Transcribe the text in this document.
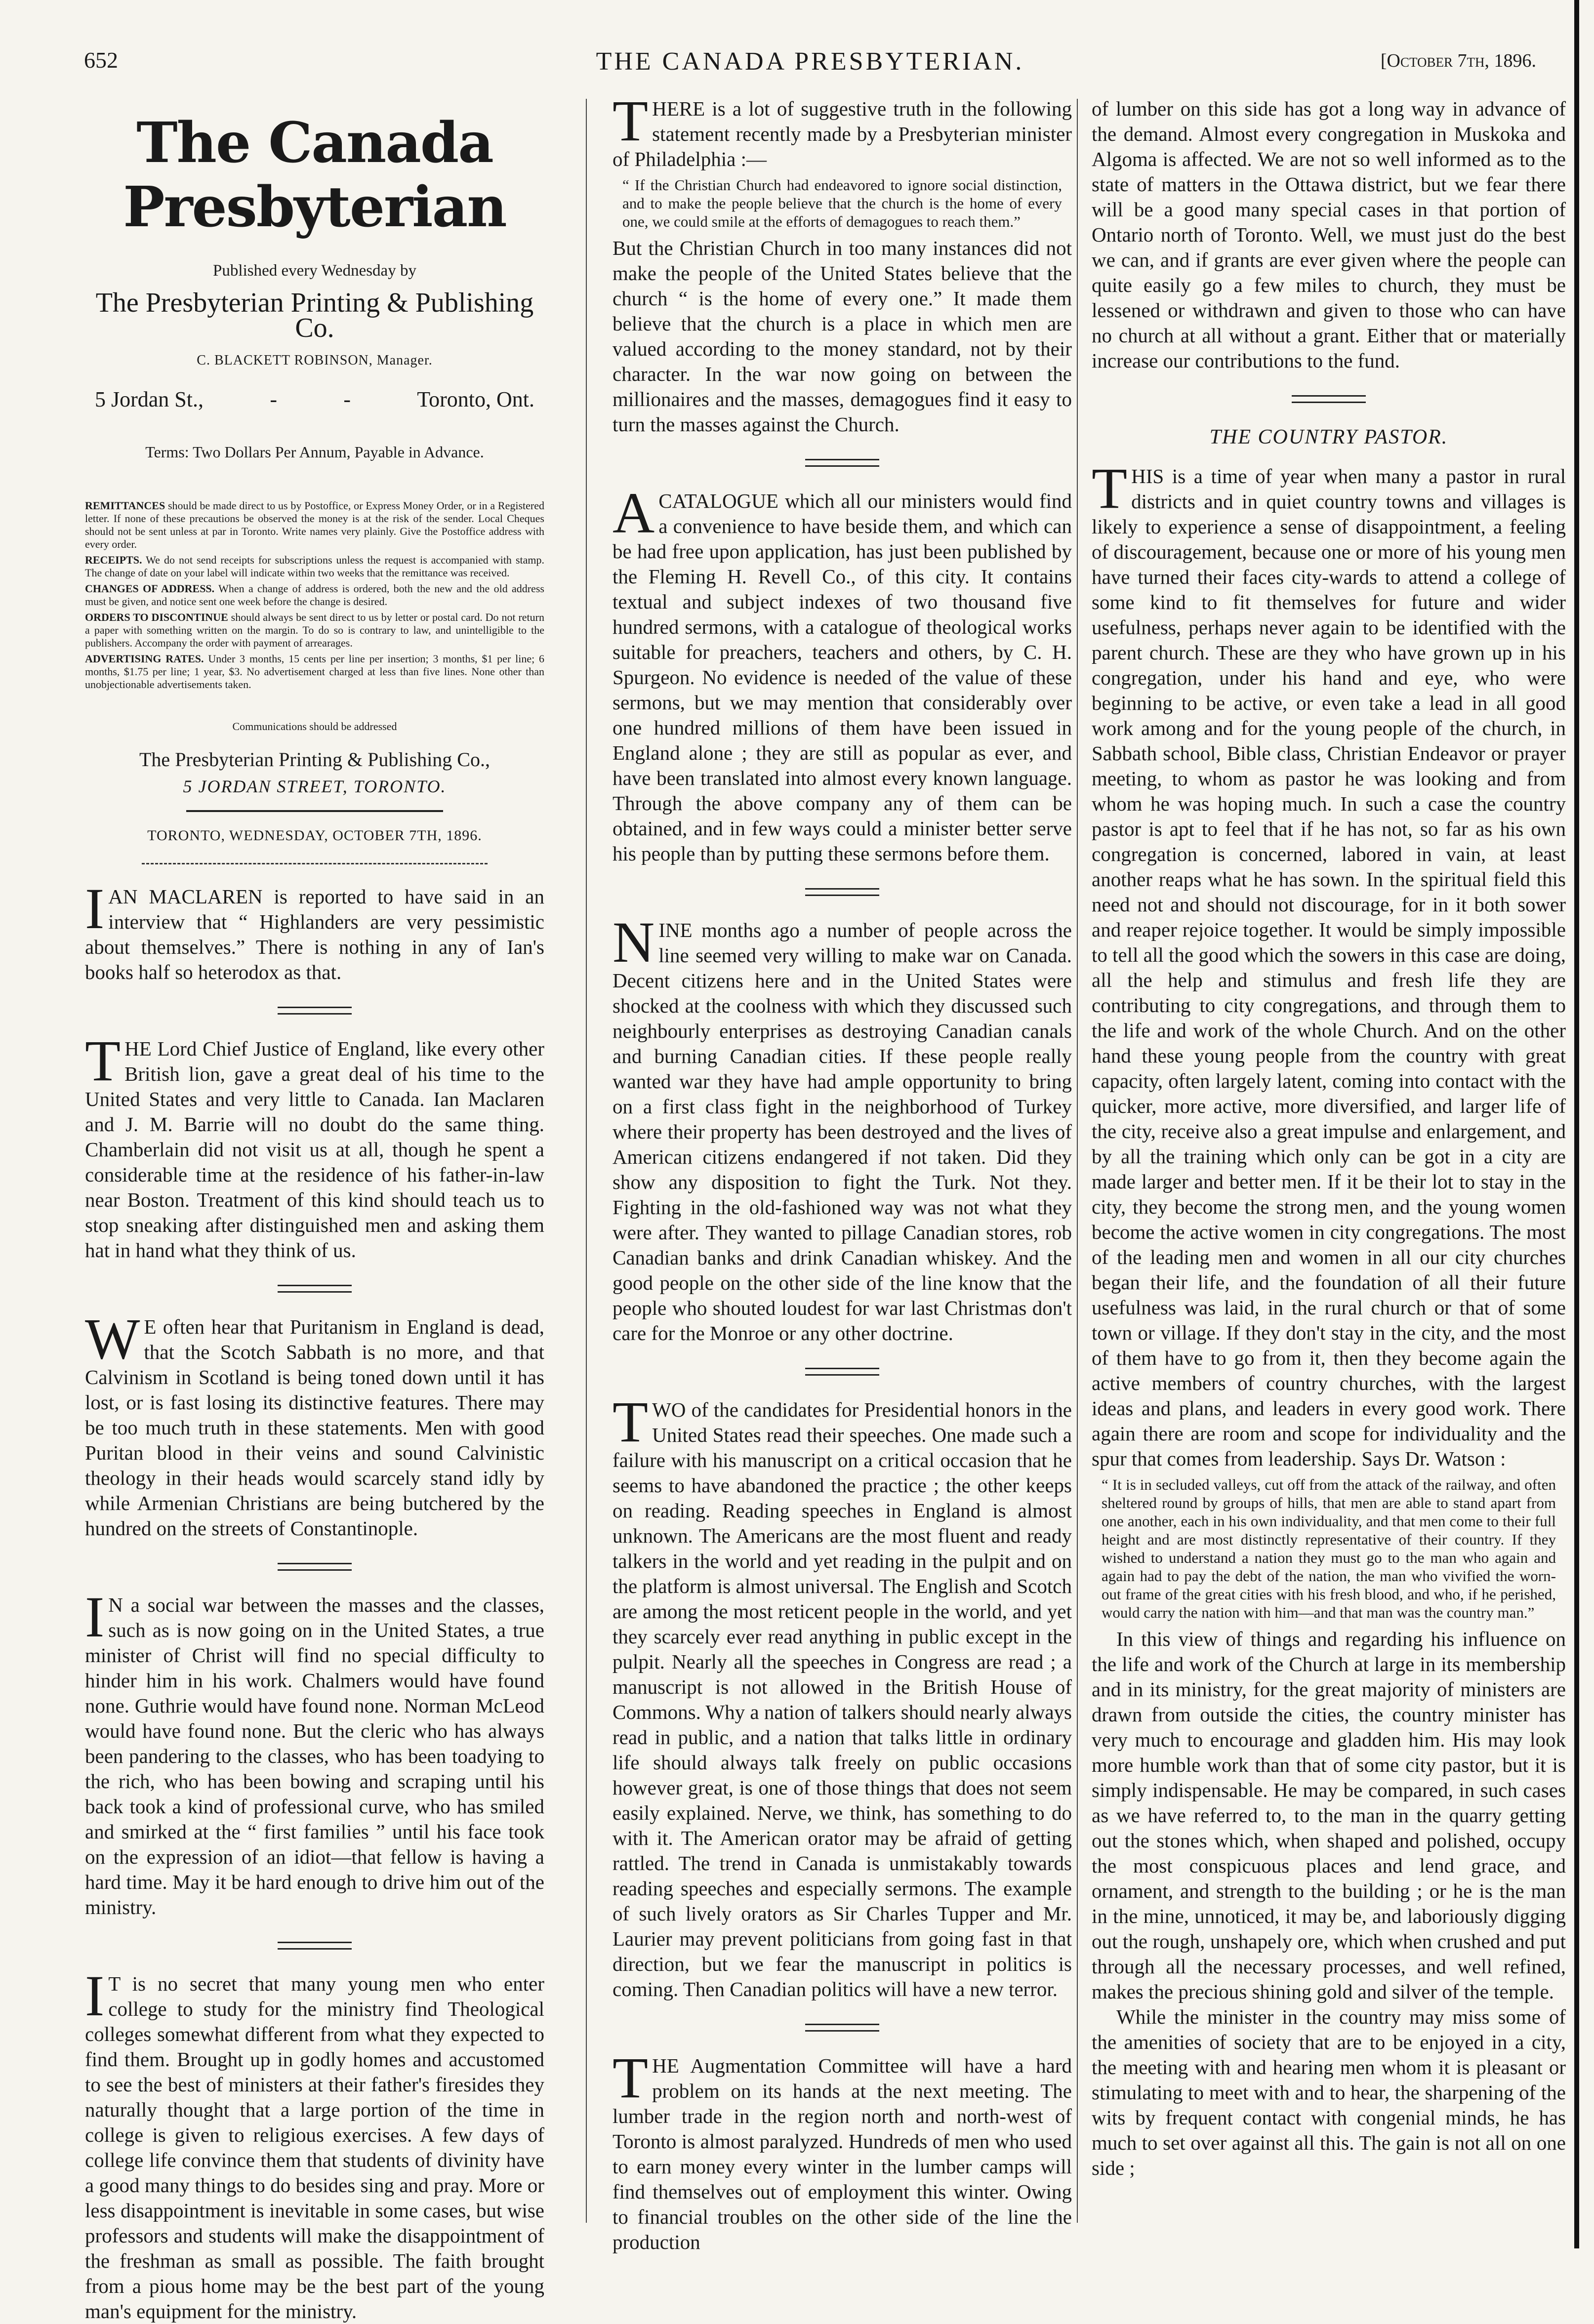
652	THE CANADA PRESBYTERIAN.	[October 7th, 1896.
The Canada Presbyterian
Published every Wednesday by
The Presbyterian Printing & Publishing Co.
C. BLACKETT ROBINSON, Manager.
5 Jordan St.,	-	-	Toronto, Ont.
Terms: Two Dollars Per Annum, Payable in Advance.
REMITTANCES should be made direct to us by Postoffice, or Express Money Order, or in a Registered letter. If none of these precautions be observed the money is at the risk of the sender. Local Cheques should not be sent unless at par in Toronto. Write names very plainly. Give the Postoffice address with every order.
RECEIPTS. We do not send receipts for subscriptions unless the request is accompanied with stamp. The change of date on your label will indicate within two weeks that the remittance was received.
CHANGES OF ADDRESS. When a change of address is ordered, both the new and the old address must be given, and notice sent one week before the change is desired.
ORDERS TO DISCONTINUE should always be sent direct to us by letter or postal card. Do not return a paper with something written on the margin. To do so is contrary to law, and unintelligible to the publishers. Accompany the order with payment of arrearages.
ADVERTISING RATES. Under 3 months, 15 cents per line per insertion; 3 months, $1 per line; 6 months, $1.75 per line; 1 year, $3. No advertisement charged at less than five lines. None other than unobjectionable advertisements taken.
Communications should be addressed
The Presbyterian Printing & Publishing Co.,
5 JORDAN STREET, TORONTO.
TORONTO, WEDNESDAY, OCTOBER 7TH, 1896.

IAN MACLAREN is reported to have said in an interview that “ Highlanders are very pessimistic about themselves.” There is nothing in any of Ian's books half so heterodox as that.

THE Lord Chief Justice of England, like every other British lion, gave a great deal of his time to the United States and very little to Canada. Ian Maclaren and J. M. Barrie will no doubt do the same thing. Chamberlain did not visit us at all, though he spent a considerable time at the residence of his father-in-law near Boston. Treatment of this kind should teach us to stop sneaking after distinguished men and asking them hat in hand what they think of us.

WE often hear that Puritanism in England is dead, that the Scotch Sabbath is no more, and that Calvinism in Scotland is being toned down until it has lost, or is fast losing its distinctive features. There may be too much truth in these statements. Men with good Puritan blood in their veins and sound Calvinistic theology in their heads would scarcely stand idly by while Armenian Christians are being butchered by the hundred on the streets of Constantinople.

IN a social war between the masses and the classes, such as is now going on in the United States, a true minister of Christ will find no special difficulty to hinder him in his work. Chalmers would have found none. Guthrie would have found none. Norman McLeod would have found none. But the cleric who has always been pandering to the classes, who has been toadying to the rich, who has been bowing and scraping until his back took a kind of professional curve, who has smiled and smirked at the “ first families ” until his face took on the expression of an idiot—that fellow is having a hard time. May it be hard enough to drive him out of the ministry.

IT is no secret that many young men who enter college to study for the ministry find Theological colleges somewhat different from what they expected to find them. Brought up in godly homes and accustomed to see the best of ministers at their father's firesides they naturally thought that a large portion of the time in college is given to religious exercises. A few days of college life convince them that students of divinity have a good many things to do besides sing and pray. More or less disappointment is inevitable in some cases, but wise professors and students will make the disappointment of the freshman as small as possible. The faith brought from a pious home may be the best part of the young man's equipment for the ministry.

THERE is a lot of suggestive truth in the following statement recently made by a Presbyterian minister of Philadelphia :—

“ If the Christian Church had endeavored to ignore social distinction, and to make the people believe that the church is the home of every one, we could smile at the efforts of demagogues to reach them.”

But the Christian Church in too many instances did not make the people of the United States believe that the church “ is the home of every one.” It made them believe that the church is a place in which men are valued according to the money standard, not by their character. In the war now going on between the millionaires and the masses, demagogues find it easy to turn the masses against the Church.

ACATALOGUE which all our ministers would find a convenience to have beside them, and which can be had free upon application, has just been published by the Fleming H. Revell Co., of this city. It contains textual and subject indexes of two thousand five hundred sermons, with a catalogue of theological works suitable for preachers, teachers and others, by C. H. Spurgeon. No evidence is needed of the value of these sermons, but we may mention that considerably over one hundred millions of them have been issued in England alone ; they are still as popular as ever, and have been translated into almost every known language. Through the above company any of them can be obtained, and in few ways could a minister better serve his people than by putting these sermons before them.

NINE months ago a number of people across the line seemed very willing to make war on Canada. Decent citizens here and in the United States were shocked at the coolness with which they discussed such neighbourly enterprises as destroying Canadian canals and burning Canadian cities. If these people really wanted war they have had ample opportunity to bring on a first class fight in the neighborhood of Turkey where their property has been destroyed and the lives of American citizens endangered if not taken. Did they show any disposition to fight the Turk. Not they. Fighting in the old-fashioned way was not what they were after. They wanted to pillage Canadian stores, rob Canadian banks and drink Canadian whiskey. And the good people on the other side of the line know that the people who shouted loudest for war last Christmas don't care for the Monroe or any other doctrine.

TWO of the candidates for Presidential honors in the United States read their speeches. One made such a failure with his manuscript on a critical occasion that he seems to have abandoned the practice ; the other keeps on reading. Reading speeches in England is almost unknown. The Americans are the most fluent and ready talkers in the world and yet reading in the pulpit and on the platform is almost universal. The English and Scotch are among the most reticent people in the world, and yet they scarcely ever read anything in public except in the pulpit. Nearly all the speeches in Congress are read ; a manuscript is not allowed in the British House of Commons. Why a nation of talkers should nearly always read in public, and a nation that talks little in ordinary life should always talk freely on public occasions however great, is one of those things that does not seem easily explained. Nerve, we think, has something to do with it. The American orator may be afraid of getting rattled. The trend in Canada is unmistakably towards reading speeches and especially sermons. The example of such lively orators as Sir Charles Tupper and Mr. Laurier may prevent politicians from going fast in that direction, but we fear the manuscript in politics is coming. Then Canadian politics will have a new terror.

THE Augmentation Committee will have a hard problem on its hands at the next meeting. The lumber trade in the region north and north-west of Toronto is almost paralyzed. Hundreds of men who used to earn money every winter in the lumber camps will find themselves out of employment this winter. Owing to financial troubles on the other side of the line the production

of lumber on this side has got a long way in advance of the demand. Almost every congregation in Muskoka and Algoma is affected. We are not so well informed as to the state of matters in the Ottawa district, but we fear there will be a good many special cases in that portion of Ontario north of Toronto. Well, we must just do the best we can, and if grants are ever given where the people can quite easily go a few miles to church, they must be lessened or withdrawn and given to those who can have no church at all without a grant. Either that or materially increase our contributions to the fund.

THE COUNTRY PASTOR.

THIS is a time of year when many a pastor in rural districts and in quiet country towns and villages is likely to experience a sense of disappointment, a feeling of discouragement, because one or more of his young men have turned their faces city-wards to attend a college of some kind to fit themselves for future and wider usefulness, perhaps never again to be identified with the parent church. These are they who have grown up in his congregation, under his hand and eye, who were beginning to be active, or even take a lead in all good work among and for the young people of the church, in Sabbath school, Bible class, Christian Endeavor or prayer meeting, to whom as pastor he was looking and from whom he was hoping much. In such a case the country pastor is apt to feel that if he has not, so far as his own congregation is concerned, labored in vain, at least another reaps what he has sown. In the spiritual field this need not and should not discourage, for in it both sower and reaper rejoice together. It would be simply impossible to tell all the good which the sowers in this case are doing, all the help and stimulus and fresh life they are contributing to city congregations, and through them to the life and work of the whole Church. And on the other hand these young people from the country with great capacity, often largely latent, coming into contact with the quicker, more active, more diversified, and larger life of the city, receive also a great impulse and enlargement, and by all the training which only can be got in a city are made larger and better men. If it be their lot to stay in the city, they become the strong men, and the young women become the active women in city congregations. The most of the leading men and women in all our city churches began their life, and the foundation of all their future usefulness was laid, in the rural church or that of some town or village. If they don't stay in the city, and the most of them have to go from it, then they become again the active members of country churches, with the largest ideas and plans, and leaders in every good work. There again there are room and scope for individuality and the spur that comes from leadership. Says Dr. Watson :

“ It is in secluded valleys, cut off from the attack of the railway, and often sheltered round by groups of hills, that men are able to stand apart from one another, each in his own individuality, and that men come to their full height and are most distinctly representative of their country. If they wished to understand a nation they must go to the man who again and again had to pay the debt of the nation, the man who vivified the worn-out frame of the great cities with his fresh blood, and who, if he perished, would carry the nation with him—and that man was the country man.”

In this view of things and regarding his influence on the life and work of the Church at large in its membership and in its ministry, for the great majority of ministers are drawn from outside the cities, the country minister has very much to encourage and gladden him. His may look more humble work than that of some city pastor, but it is simply indispensable. He may be compared, in such cases as we have referred to, to the man in the quarry getting out the stones which, when shaped and polished, occupy the most conspicuous places and lend grace, and ornament, and strength to the building ; or he is the man in the mine, unnoticed, it may be, and laboriously digging out the rough, unshapely ore, which when crushed and put through all the necessary processes, and well refined, makes the precious shining gold and silver of the temple.

While the minister in the country may miss some of the amenities of society that are to be enjoyed in a city, the meeting with and hearing men whom it is pleasant or stimulating to meet with and to hear, the sharpening of the wits by frequent contact with congenial minds, he has much to set over against all this. The gain is not all on one side ;
